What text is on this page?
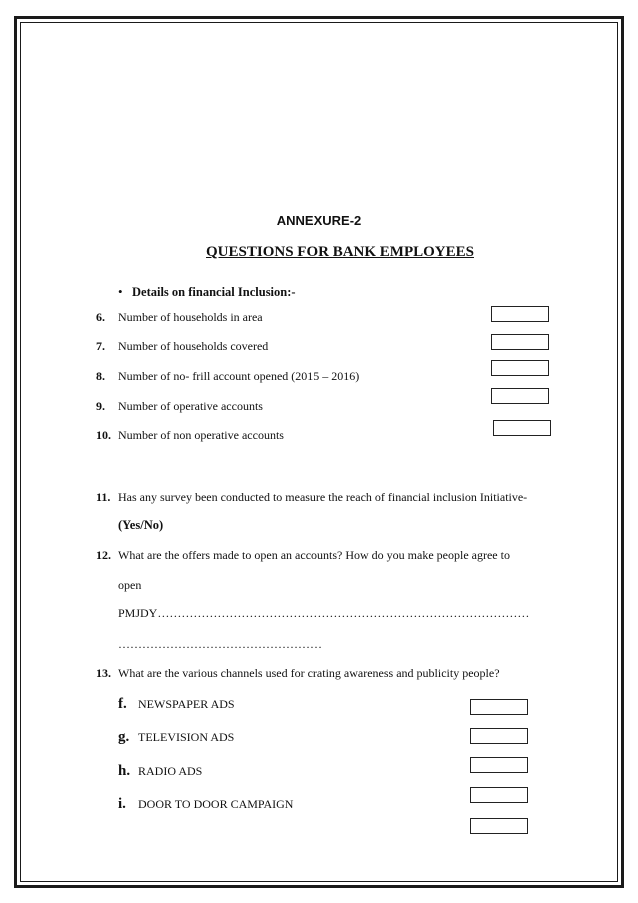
ANNEXURE-2
QUESTIONS FOR BANK EMPLOYEES
• Details on financial Inclusion:-
6. Number of households in area
7. Number of households covered
8. Number of no- frill account opened (2015 – 2016)
9. Number of operative accounts
10. Number of non operative accounts
11. Has any survey been conducted to measure the reach of financial inclusion Initiative-
(Yes/No)
12. What are the offers made to open an accounts? How do you make people agree to
open
PMJDY…………………………………………………………………………………
……………………………………………
13. What are the various channels used for crating awareness and publicity people?
f. NEWSPAPER ADS
g. TELEVISION ADS
h. RADIO ADS
i. DOOR TO DOOR CAMPAIGN
